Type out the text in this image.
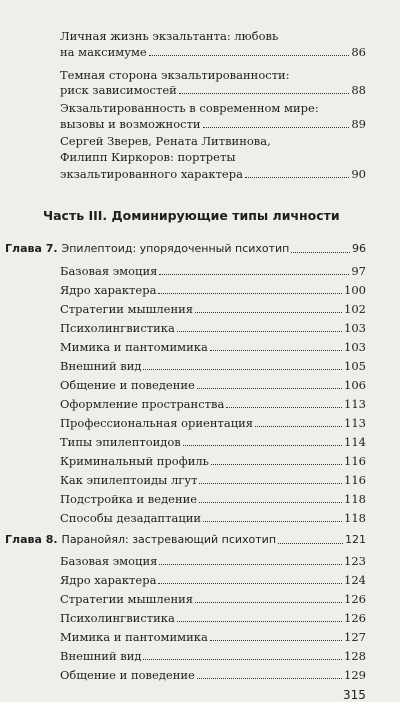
Личная жизнь экзальтанта: любовь
на максимуме	86
Темная сторона экзальтированности:
риск зависимостей	88
Экзальтированность в современном мире:
вызовы и возможности	89
Сергей Зверев, Рената Литвинова,
Филипп Киркоров: портреты
экзальтированного характера	90
Часть III. Доминирующие типы личности
Глава 7. Эпилептоид: упорядоченный психотип	96
Базовая эмоция	97
Ядро характера	100
Стратегии мышления	102
Психолингвистика	103
Мимика и пантомимика	103
Внешний вид	105
Общение и поведение	106
Оформление пространства	113
Профессиональная ориентация	113
Типы эпилептоидов	114
Криминальный профиль	116
Как эпилептоиды лгут	116
Подстройка и ведение	118
Способы дезадаптации	118
Глава 8. Паранойял: застревающий психотип	121
Базовая эмоция	123
Ядро характера	124
Стратегии мышления	126
Психолингвистика	126
Мимика и пантомимика	127
Внешний вид	128
Общение и поведение	129
315
